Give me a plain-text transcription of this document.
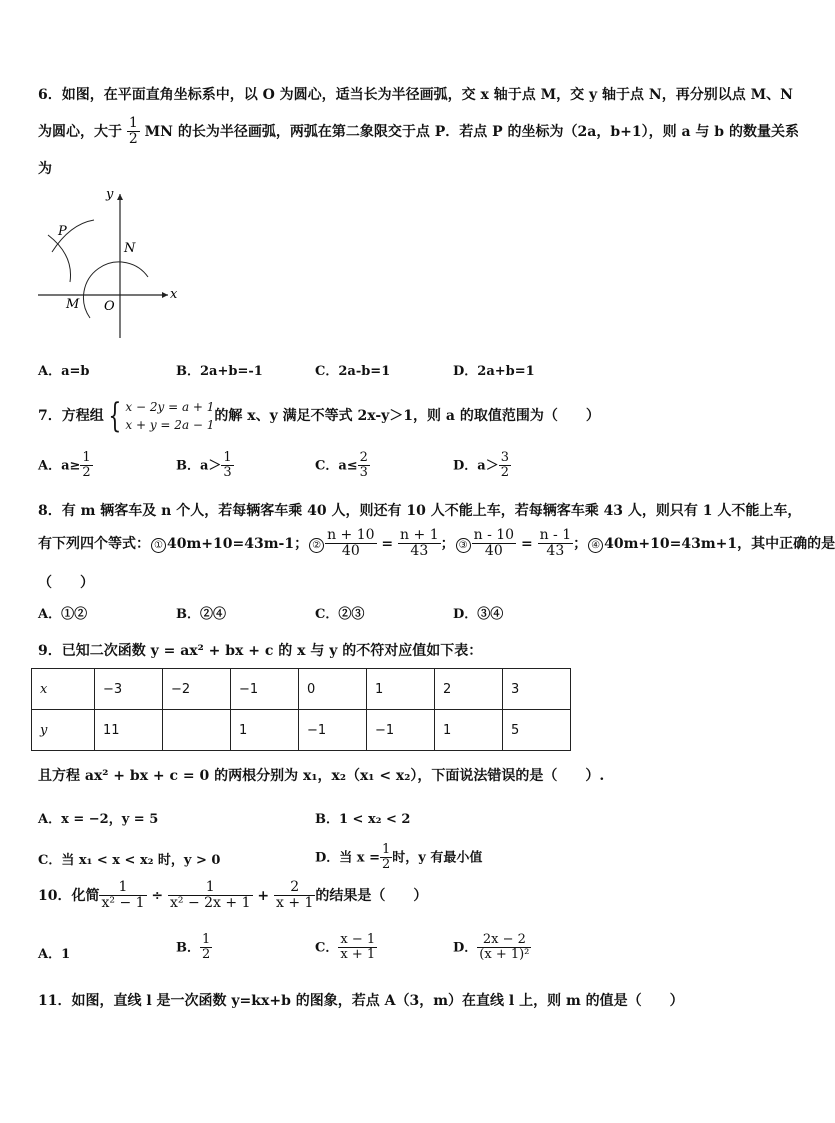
6．如图，在平面直角坐标系中，以 O 为圆心，适当长为半径画弧，交 x 轴于点 M，交 y 轴于点 N，再分别以点 M、N
为圆心，大于 $\frac{1}{2}$ MN 的长为半径画弧，两弧在第二象限交于点 P．若点 P 的坐标为（2a，b+1），则 a 与 b 的数量关系
为
y
x
P
N
M O
A．a=b	B．2a+b=-1	C．2a-b=1	D．2a+b=1
7．方程组 { x − 2y = a + 1
x + y = 2a − 1
的解 x、y 满足不等式 2x-y＞1，则 a 的取值范围为（　　）
A．$a\ge \frac{1}{2}$	B．$a> \frac{1}{3}$	C．$a\le \frac{2}{3}$	D．$a> \frac{3}{2}$
8．有 m 辆客车及 n 个人，若每辆客车乘 40 人，则还有 10 人不能上车，若每辆客车乘 43 人，则只有 1 人不能上车，
有下列四个等式： ① 40m+10=43m-1； ② $\frac{n + 10}{40} = \frac{n + 1}{43}$ ； ③ $\frac{n - 10}{40} = \frac{n - 1}{43}$ ； ④ 40m+10=43m+1，其中正确的是
（　　）
A．①②	B．②④	C．②③	D．③④
9．已知二次函数 y = ax² + bx + c 的 x 与 y 的不符对应值如下表：
x	−3	−2	−1	0	1	2	3
y	11		1	−1	−1	1	5
且方程 ax² + bx + c = 0 的两根分别为 x₁，x₂（x₁ < x₂），下面说法错误的是（　　）.
A．x = −2，y = 5	B．1 < x₂ < 2
C．当 x₁ < x < x₂ 时，y > 0	D．当 $x = \frac{1}{2}$ 时，y 有最小值
10．化简 $\frac{1}{\text{x² − 1}} \div \frac{1}{\text{x² − 2x + 1}} + \frac{2}{x + 1}$ 的结果是（　　）
A．1	B． $\frac{1}{2}$	C． $\frac{x - 1}{x + 1}$	D． $\frac{2x - 2}{\text{(x + 1)²}}$
11．如图，直线 l 是一次函数 y=kx+b 的图象，若点 A（3，m）在直线 l 上，则 m 的值是（　　）
